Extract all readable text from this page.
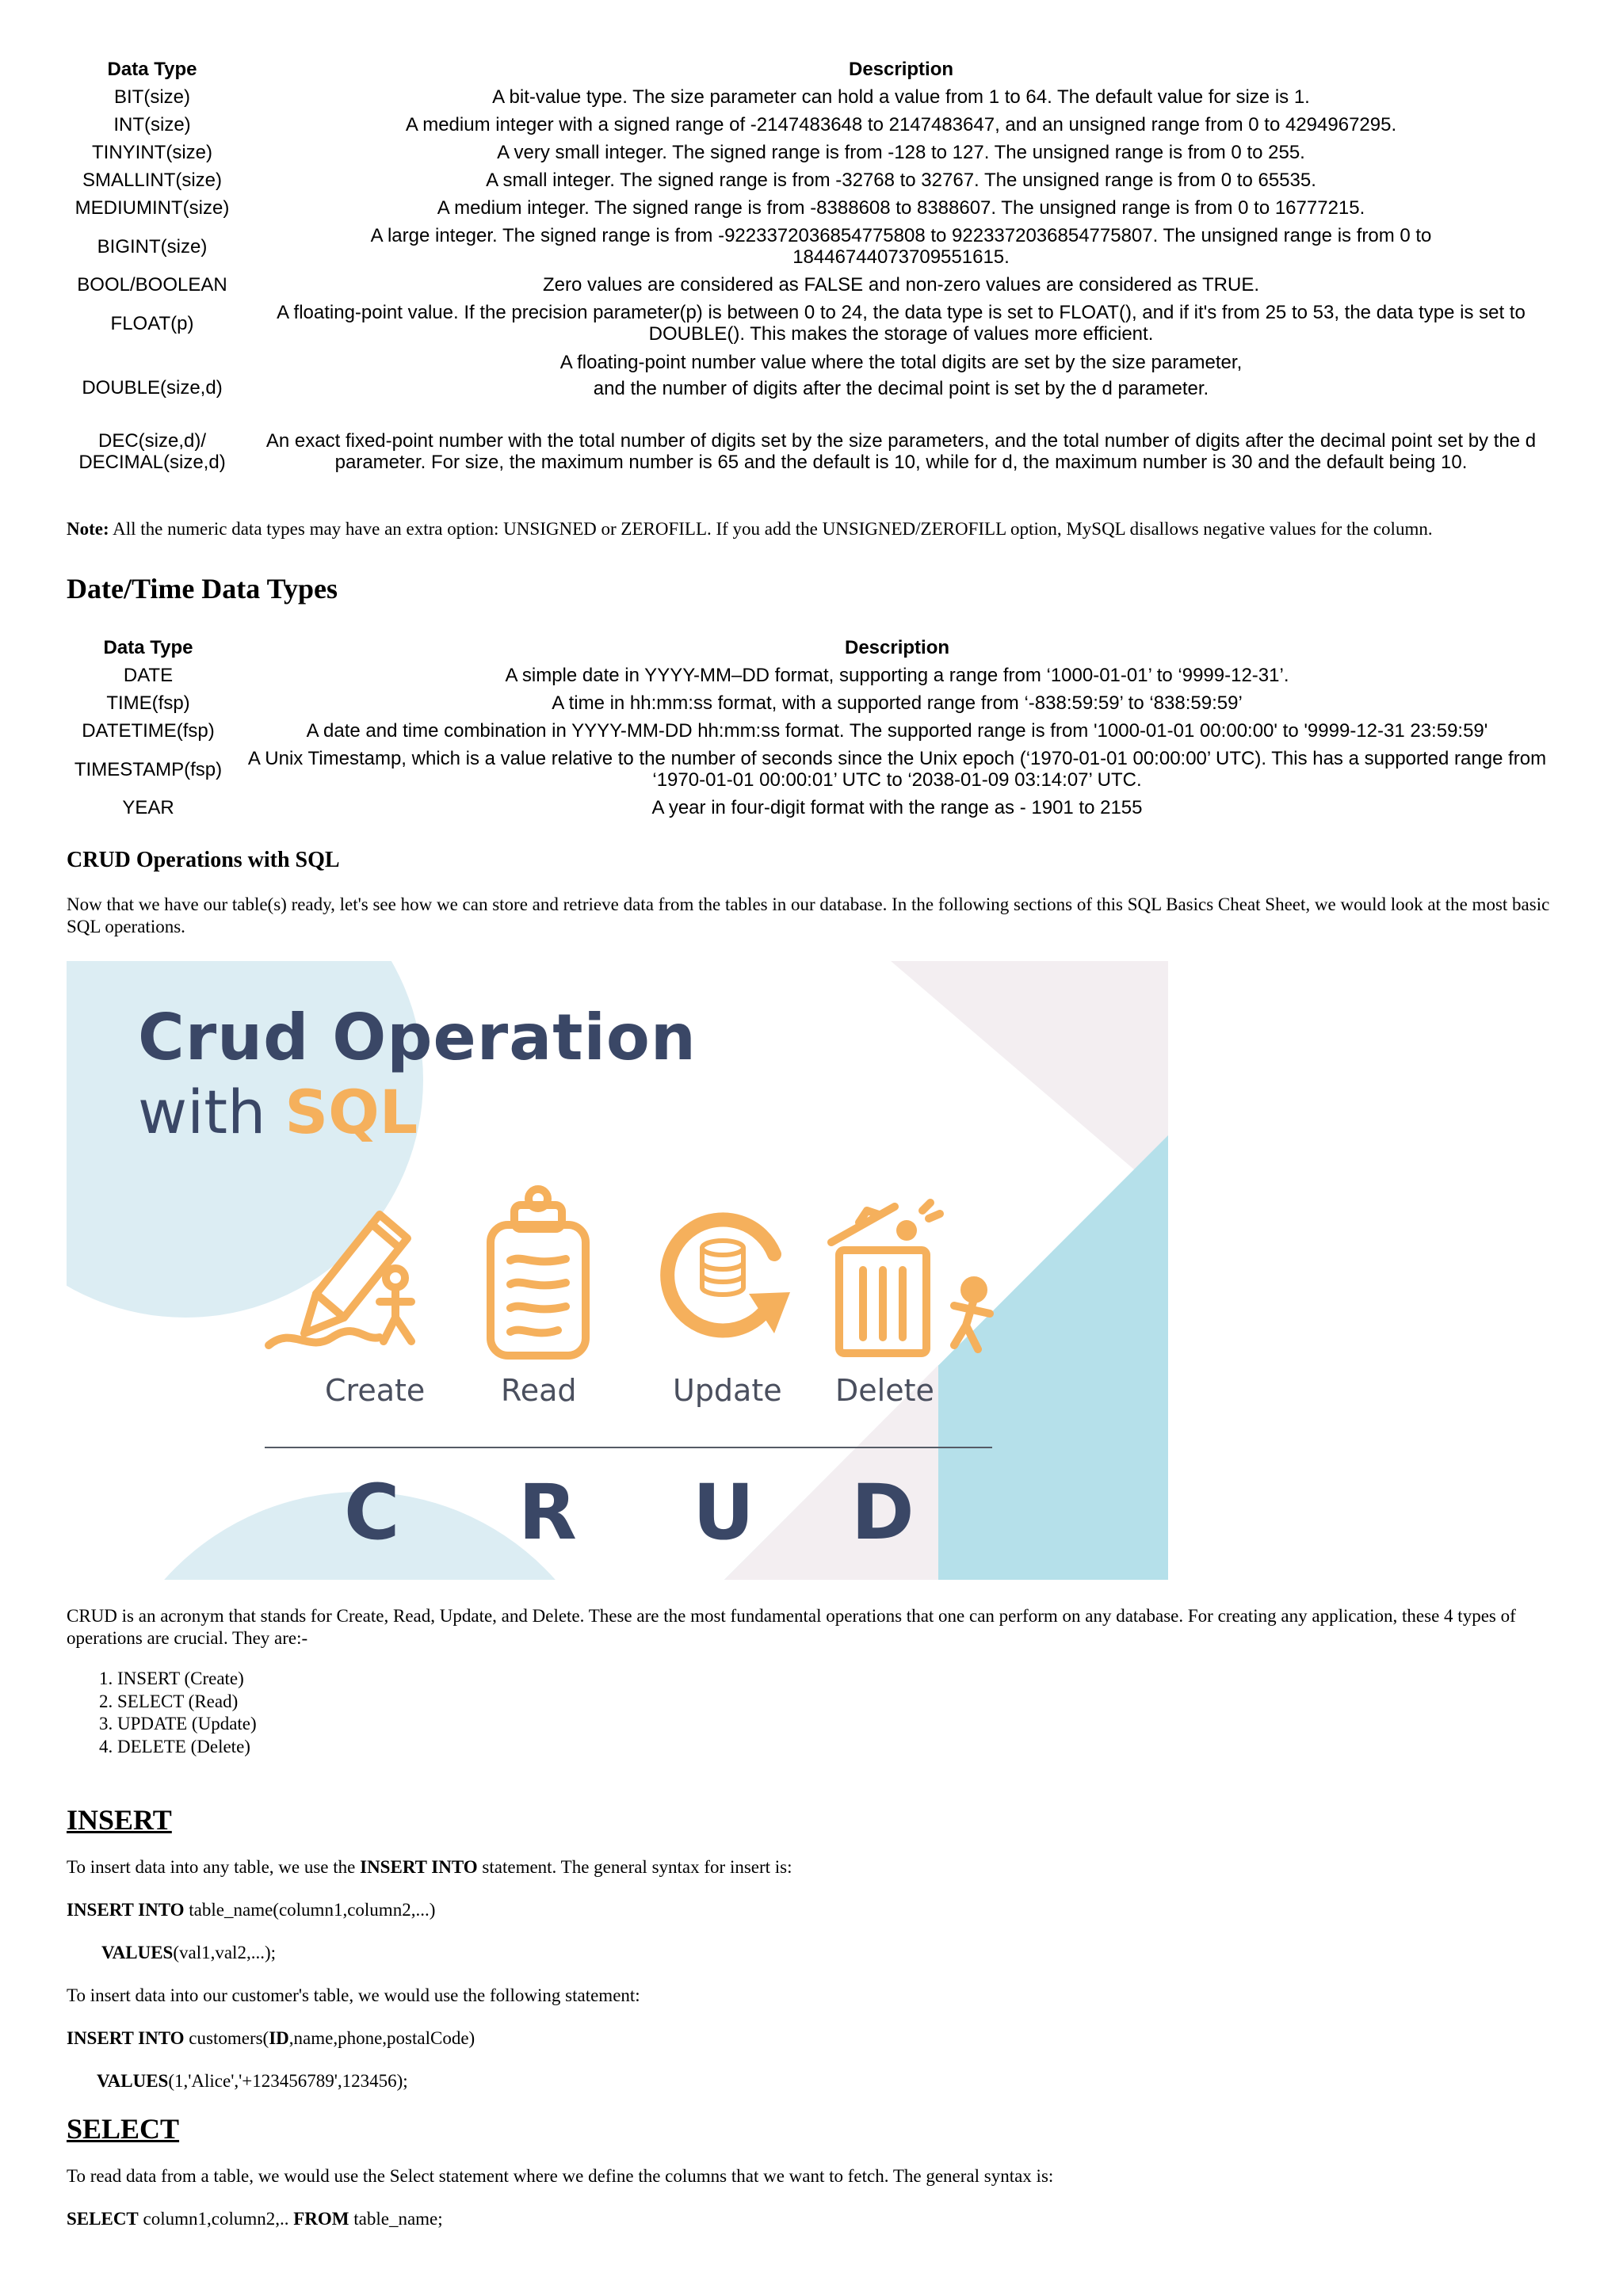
Data Type	Description
BIT(size)	A bit-value type. The size parameter can hold a value from 1 to 64. The default value for size is 1.
INT(size)	A medium integer with a signed range of -2147483648 to 2147483647, and an unsigned range from 0 to 4294967295.
TINYINT(size)	A very small integer. The signed range is from -128 to 127. The unsigned range is from 0 to 255.
SMALLINT(size)	A small integer. The signed range is from -32768 to 32767. The unsigned range is from 0 to 65535.
MEDIUMINT(size)	A medium integer. The signed range is from -8388608 to 8388607. The unsigned range is from 0 to 16777215.
BIGINT(size)	A large integer. The signed range is from -9223372036854775808 to 9223372036854775807. The unsigned range is from 0 to 18446744073709551615.
BOOL/BOOLEAN	Zero values are considered as FALSE and non-zero values are considered as TRUE.
FLOAT(p)	A floating-point value. If the precision parameter(p) is between 0 to 24, the data type is set to FLOAT(), and if it's from 25 to 53, the data type is set to DOUBLE(). This makes the storage of values more efficient.
DOUBLE(size,d)	A floating-point number value where the total digits are set by the size parameter,
and the number of digits after the decimal point is set by the d parameter.

DEC(size,d)/
DECIMAL(size,d)	An exact fixed-point number with the total number of digits set by the size parameters, and the total number of digits after the decimal point set by the d parameter. For size, the maximum number is 65 and the default is 10, while for d, the maximum number is 30 and the default being 10.

Note: All the numeric data types may have an extra option: UNSIGNED or ZEROFILL. If you add the UNSIGNED/ZEROFILL option, MySQL disallows negative values for the column.

Date/Time Data Types
Data Type	Description
DATE	A simple date in YYYY-MM–DD format, supporting a range from ‘1000-01-01’ to ‘9999-12-31’.
TIME(fsp)	A time in hh:mm:ss format, with a supported range from ‘-838:59:59’ to ‘838:59:59’
DATETIME(fsp)	A date and time combination in YYYY-MM-DD hh:mm:ss format. The supported range is from '1000-01-01 00:00:00' to '9999-12-31 23:59:59'
TIMESTAMP(fsp)	A Unix Timestamp, which is a value relative to the number of seconds since the Unix epoch (‘1970-01-01 00:00:00’ UTC). This has a supported range from ‘1970-01-01 00:00:01’ UTC to ‘2038-01-09 03:14:07’ UTC.
YEAR	A year in four-digit format with the range as - 1901 to 2155
CRUD Operations with SQL

Now that we have our table(s) ready, let's see how we can store and retrieve data from the tables in our database. In the following sections of this SQL Basics Cheat Sheet, we would look at the most basic SQL operations.

Crud Operation
with SQL
Create	Read	Update Delete
C R U D

CRUD is an acronym that stands for Create, Read, Update, and Delete. These are the most fundamental operations that one can perform on any database. For creating any application, these 4 types of operations are crucial. They are:-

1. INSERT (Create)
2. SELECT (Read)
3. UPDATE (Update)
4. DELETE (Delete)
INSERT

To insert data into any table, we use the INSERT INTO statement. The general syntax for insert is:

INSERT INTO table_name(column1,column2,...)

VALUES(val1,val2,...);

To insert data into our customer's table, we would use the following statement:

INSERT INTO customers(ID,name,phone,postalCode)

VALUES(1,'Alice','+123456789',123456);

SELECT

To read data from a table, we would use the Select statement where we define the columns that we want to fetch. The general syntax is:

SELECT column1,column2,.. FROM table_name;
